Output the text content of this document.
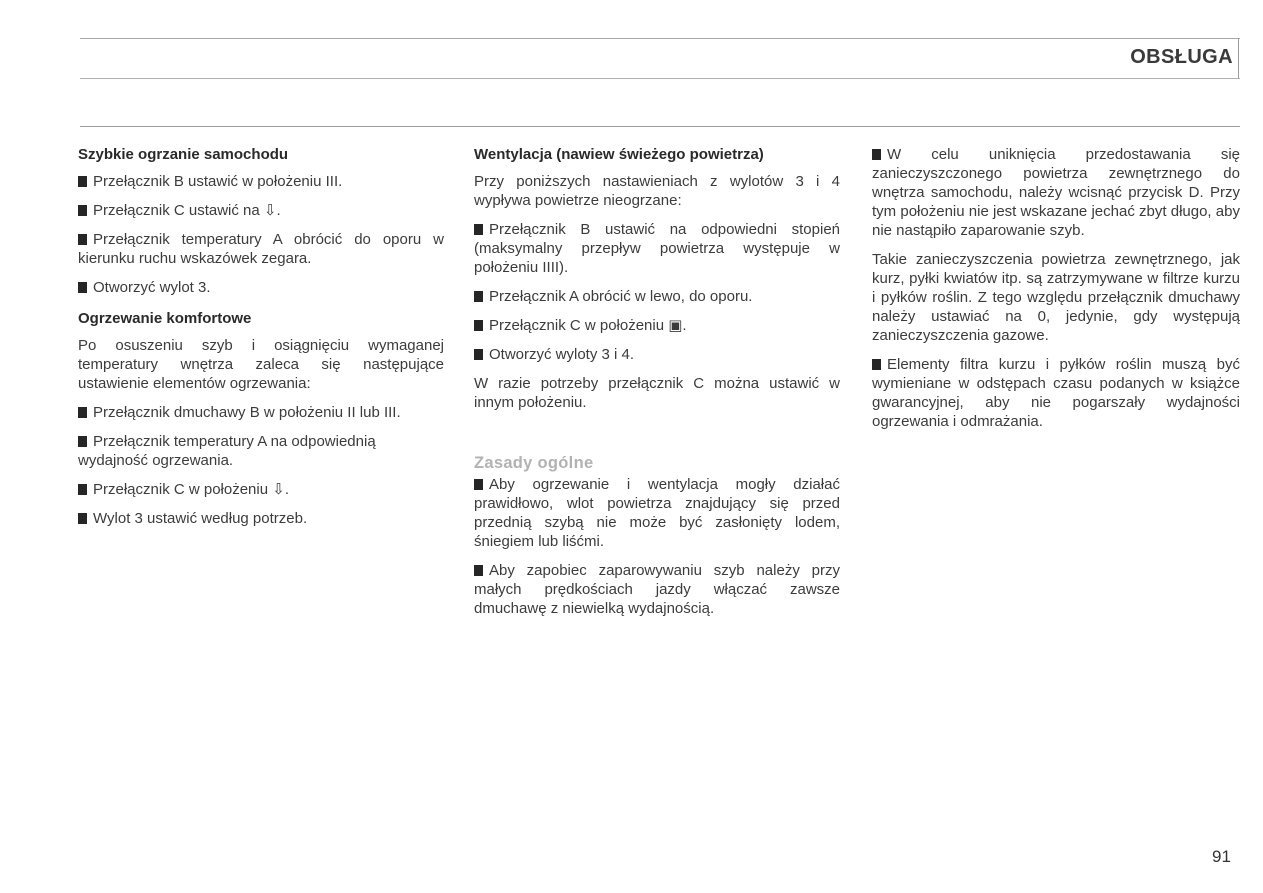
OBSŁUGA
Szybkie ogrzanie samochodu
Przełącznik B ustawić w położeniu III.
Przełącznik C ustawić na ⇩.
Przełącznik temperatury A obrócić do oporu w kierunku ruchu wskazówek zegara.
Otworzyć wylot 3.
Ogrzewanie komfortowe
Po osuszeniu szyb i osiągnięciu wymaganej temperatury wnętrza zaleca się następujące ustawienie elementów ogrzewania:
Przełącznik dmuchawy B w położeniu II lub III.
Przełącznik temperatury A na odpowiednią wydajność ogrzewania.
Przełącznik C w położeniu ⇩.
Wylot 3 ustawić według potrzeb.
Wentylacja (nawiew świeżego powietrza)
Przy poniższych nastawieniach z wylotów 3 i 4 wypływa powietrze nieogrzane:
Przełącznik B ustawić na odpowiedni stopień (maksymalny przepływ powietrza występuje w położeniu IIII).
Przełącznik A obrócić w lewo, do oporu.
Przełącznik C w położeniu ▣.
Otworzyć wyloty 3 i 4.
W razie potrzeby przełącznik C można ustawić w innym położeniu.
Zasady ogólne
Aby ogrzewanie i wentylacja mogły działać prawidłowo, wlot powietrza znajdujący się przed przednią szybą nie może być zasłonięty lodem, śniegiem lub liśćmi.
Aby zapobiec zaparowywaniu szyb należy przy małych prędkościach jazdy włączać zawsze dmuchawę z niewielką wydajnością.
W celu uniknięcia przedostawania się zanieczyszczonego powietrza zewnętrznego do wnętrza samochodu, należy wcisnąć przycisk D. Przy tym położeniu nie jest wskazane jechać zbyt długo, aby nie nastąpiło zaparowanie szyb.
Takie zanieczyszczenia powietrza zewnętrznego, jak kurz, pyłki kwiatów itp. są zatrzymywane w filtrze kurzu i pyłków roślin. Z tego względu przełącznik dmuchawy należy ustawiać na 0, jedynie, gdy występują zanieczyszczenia gazowe.
Elementy filtra kurzu i pyłków roślin muszą być wymieniane w odstępach czasu podanych w książce gwarancyjnej, aby nie pogarszały wydajności ogrzewania i odmrażania.
91
